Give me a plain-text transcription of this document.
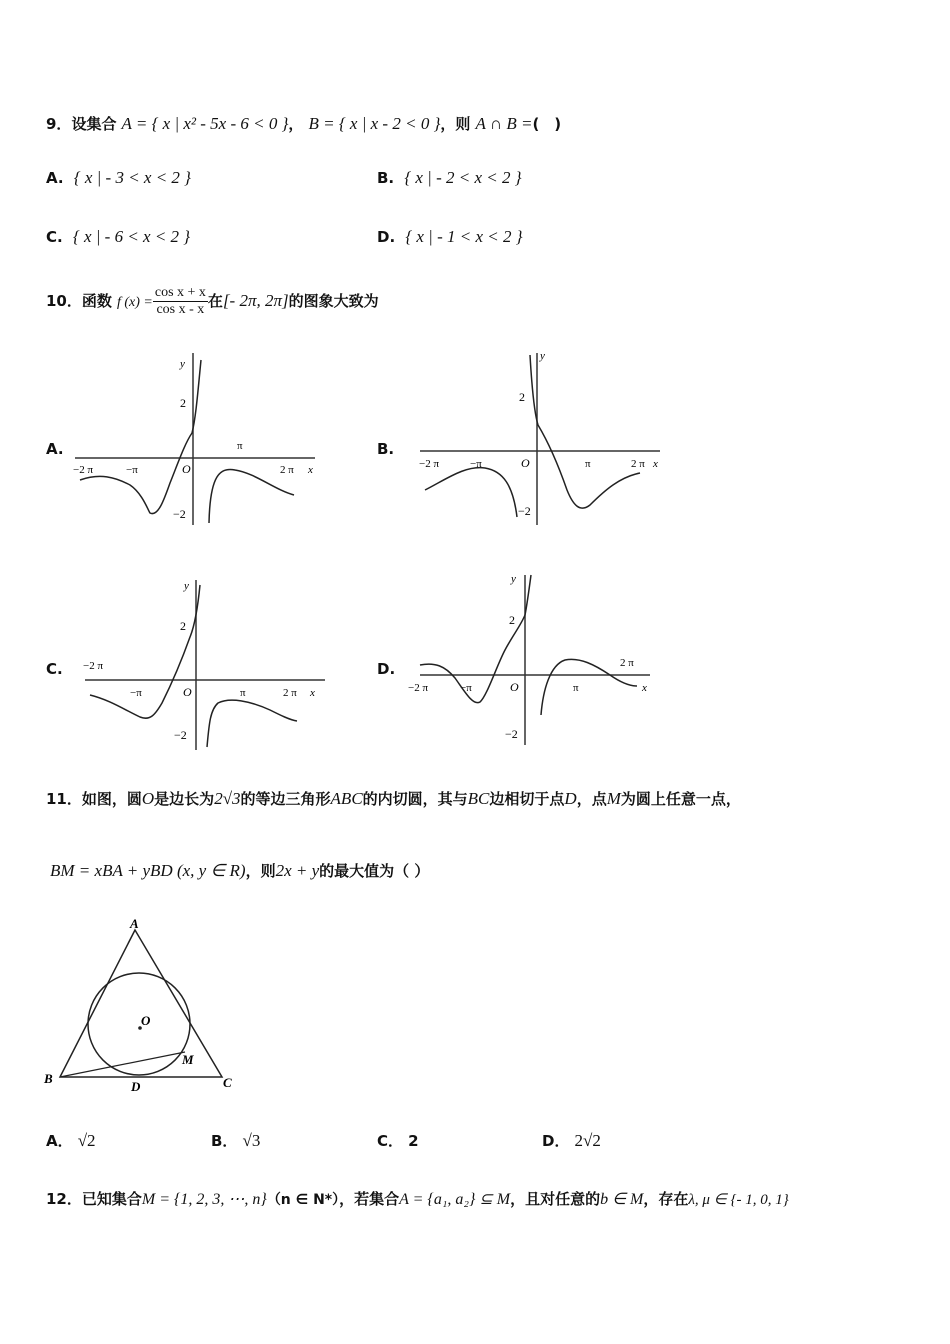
9．设集合 A = { x | x² - 5x - 6 < 0 }， B = { x | x - 2 < 0 }，则 A ∩ B =(　)
A. { x | - 3 < x < 2 }	B. { x | - 2 < x < 2 }
C. { x | - 6 < x < 2 }	D. { x | - 1 < x < 2 }
10．函数 f $(x) = \frac{\text{cos x + x}}{\text{cos x - x}}$ 在[- 2π, 2π]的图象大致为
A.	B.
C.	D.
y
2
−2
O
π
−π	2 π
−2 π	x
y
2
−2
O	π
−π	2 π
−2 π	x
y
2
−2
O	π
−π	2 π
−2 π
x
y
2
−2
O	π
−π
2 π
−2 π	x
11．如图，圆O是边长为2√3的等边三角形ABC的内切圆，其与BC边相切于点D，点M为圆上任意一点，
BM = xBA + yBD (x, y ∈ R)，则2x + y的最大值为（ ）
A
B	C
D
O
M
A． √2	B． √3	C． 2	D． 2√2
12．已知集合M = {1, 2, 3, ⋯, n}（n ∈ N*），若集合A = {a₁, a₂} ⊆ M，且对任意的b ∈ M，存在λ, μ ∈ {- 1, 0, 1}
